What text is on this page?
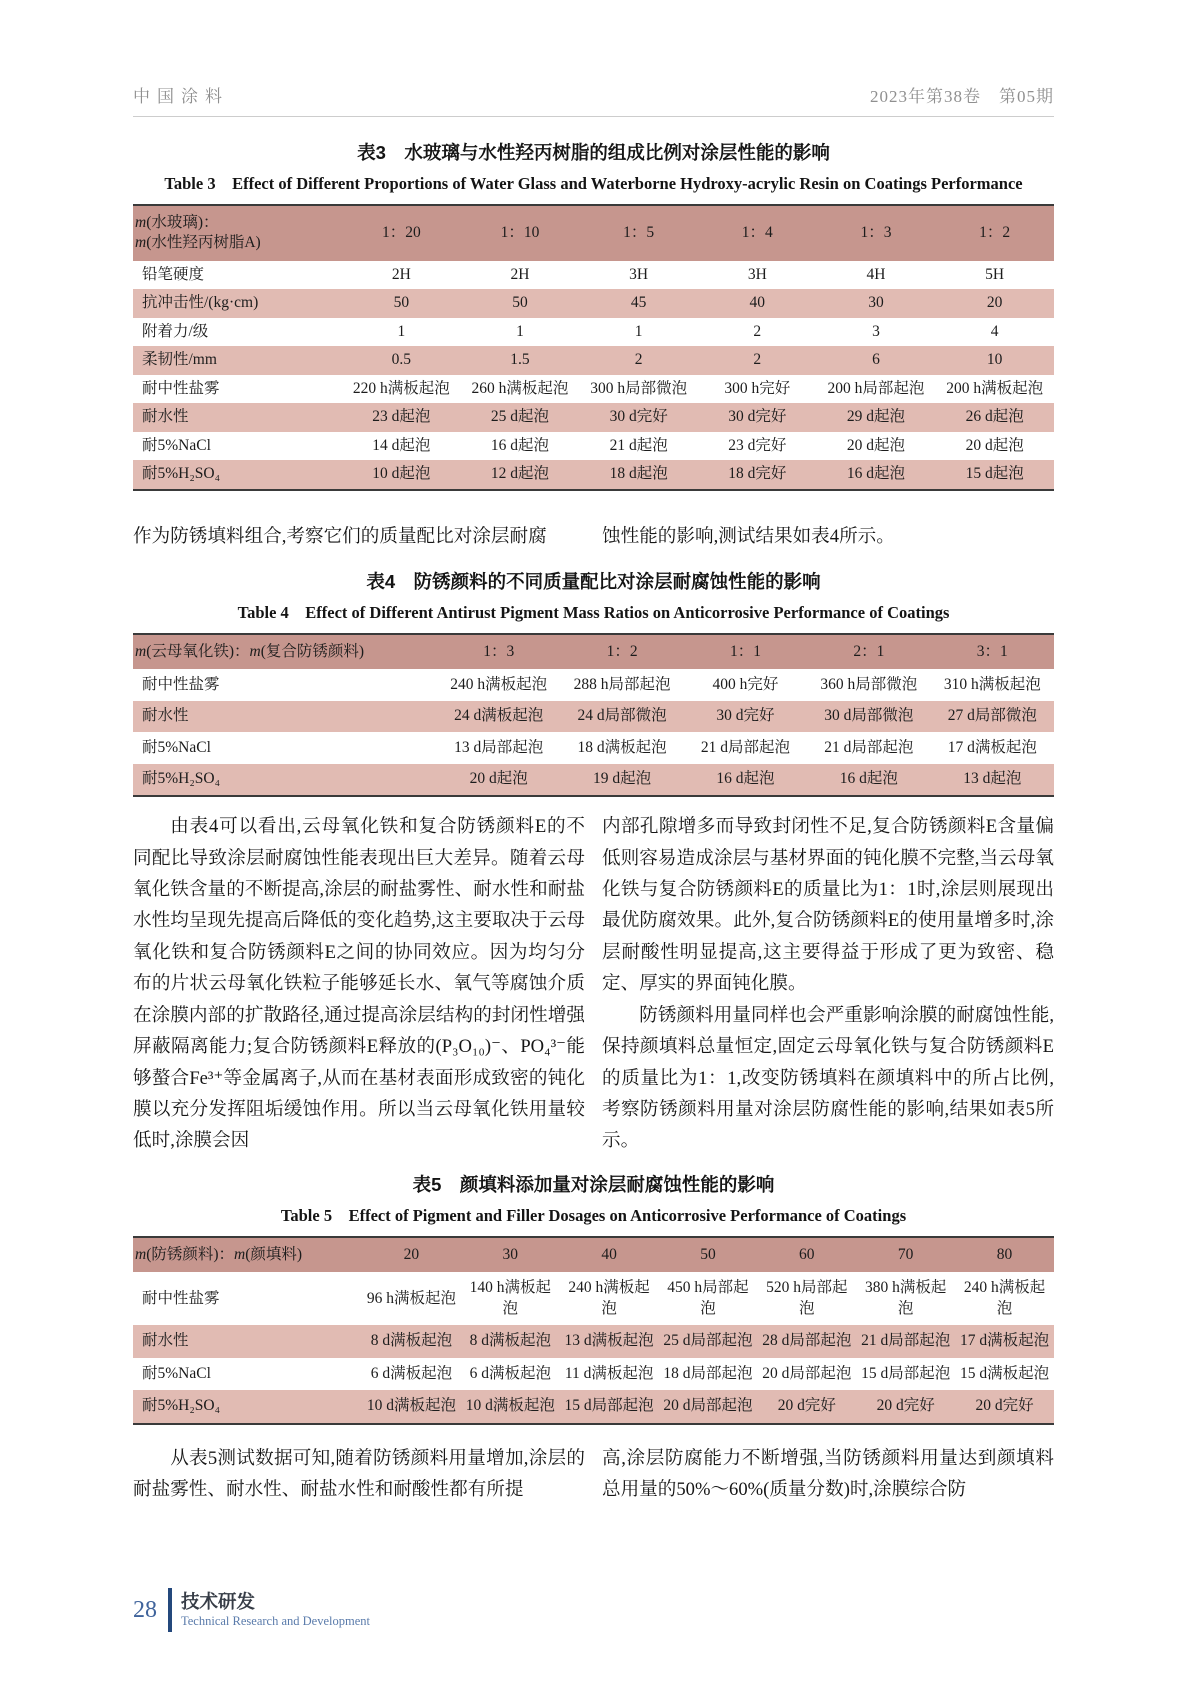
中国涂料	2023年第38卷　第05期

表3　水玻璃与水性羟丙树脂的组成比例对涂层性能的影响

Table 3　Effect of Different Proportions of Water Glass and Waterborne Hydroxy-acrylic Resin on Coatings Performance

m(水玻璃)：
m(水性羟丙树脂A)	1：20	1：10	1：5	1：4	1：3	1：2
铅笔硬度	2H	2H	3H	3H	4H	5H
抗冲击性/(kg·cm)	50	50	45	40	30	20
附着力/级	1	1	1	2	3	4
柔韧性/mm	0.5	1.5	2	2	6	10
耐中性盐雾	220 h满板起泡	260 h满板起泡	300 h局部微泡	300 h完好	200 h局部起泡	200 h满板起泡
耐水性	23 d起泡	25 d起泡	30 d完好	30 d完好	29 d起泡	26 d起泡
耐5%NaCl	14 d起泡	16 d起泡	21 d起泡	23 d完好	20 d起泡	20 d起泡
耐5%H₂SO₄	10 d起泡	12 d起泡	18 d起泡	18 d完好	16 d起泡	15 d起泡

作为防锈填料组合,考察它们的质量配比对涂层耐腐	蚀性能的影响,测试结果如表4所示。

表4　防锈颜料的不同质量配比对涂层耐腐蚀性能的影响

Table 4　Effect of Different Antirust Pigment Mass Ratios on Anticorrosive Performance of Coatings

m(云母氧化铁)：m(复合防锈颜料)	1：3	1：2	1：1	2：1	3：1
耐中性盐雾	240 h满板起泡	288 h局部起泡	400 h完好	360 h局部微泡	310 h满板起泡
耐水性	24 d满板起泡	24 d局部微泡	30 d完好	30 d局部微泡	27 d局部微泡
耐5%NaCl	13 d局部起泡	18 d满板起泡	21 d局部起泡	21 d局部起泡	17 d满板起泡
耐5%H₂SO₄	20 d起泡	19 d起泡	16 d起泡	16 d起泡	13 d起泡

由表4可以看出,云母氧化铁和复合防锈颜料E的不同配比导致涂层耐腐蚀性能表现出巨大差异。随着云母氧化铁含量的不断提高,涂层的耐盐雾性、耐水性和耐盐水性均呈现先提高后降低的变化趋势,这主要取决于云母氧化铁和复合防锈颜料E之间的协同效应。因为均匀分布的片状云母氧化铁粒子能够延长水、氧气等腐蚀介质在涂膜内部的扩散路径,通过提高涂层结构的封闭性增强屏蔽隔离能力;复合防锈颜料E释放的(P₃O₁₀)⁻、PO₄³⁻能够螯合Fe³⁺等金属离子,从而在基材表面形成致密的钝化膜以充分发挥阻垢缓蚀作用。所以当云母氧化铁用量较低时,涂膜会因

内部孔隙增多而导致封闭性不足,复合防锈颜料E含量偏低则容易造成涂层与基材界面的钝化膜不完整,当云母氧化铁与复合防锈颜料E的质量比为1：1时,涂层则展现出最优防腐效果。此外,复合防锈颜料E的使用量增多时,涂层耐酸性明显提高,这主要得益于形成了更为致密、稳定、厚实的界面钝化膜。

防锈颜料用量同样也会严重影响涂膜的耐腐蚀性能,保持颜填料总量恒定,固定云母氧化铁与复合防锈颜料E的质量比为1：1,改变防锈填料在颜填料中的所占比例,考察防锈颜料用量对涂层防腐性能的影响,结果如表5所示。

表5　颜填料添加量对涂层耐腐蚀性能的影响

Table 5　Effect of Pigment and Filler Dosages on Anticorrosive Performance of Coatings

m(防锈颜料)：m(颜填料)	20	30	40	50	60	70	80
耐中性盐雾	96 h满板起泡	140 h满板起泡	240 h满板起泡	450 h局部起泡	520 h局部起泡	380 h满板起泡	240 h满板起泡
耐水性	8 d满板起泡	8 d满板起泡	13 d满板起泡	25 d局部起泡	28 d局部起泡	21 d局部起泡	17 d满板起泡
耐5%NaCl	6 d满板起泡	6 d满板起泡	11 d满板起泡	18 d局部起泡	20 d局部起泡	15 d局部起泡	15 d满板起泡
耐5%H₂SO₄	10 d满板起泡	10 d满板起泡	15 d局部起泡	20 d局部起泡	20 d完好	20 d完好	20 d完好

从表5测试数据可知,随着防锈颜料用量增加,涂层的耐盐雾性、耐水性、耐盐水性和耐酸性都有所提

高,涂层防腐能力不断增强,当防锈颜料用量达到颜填料总用量的50%～60%(质量分数)时,涂膜综合防

28 技术研发
Technical Research and Development
